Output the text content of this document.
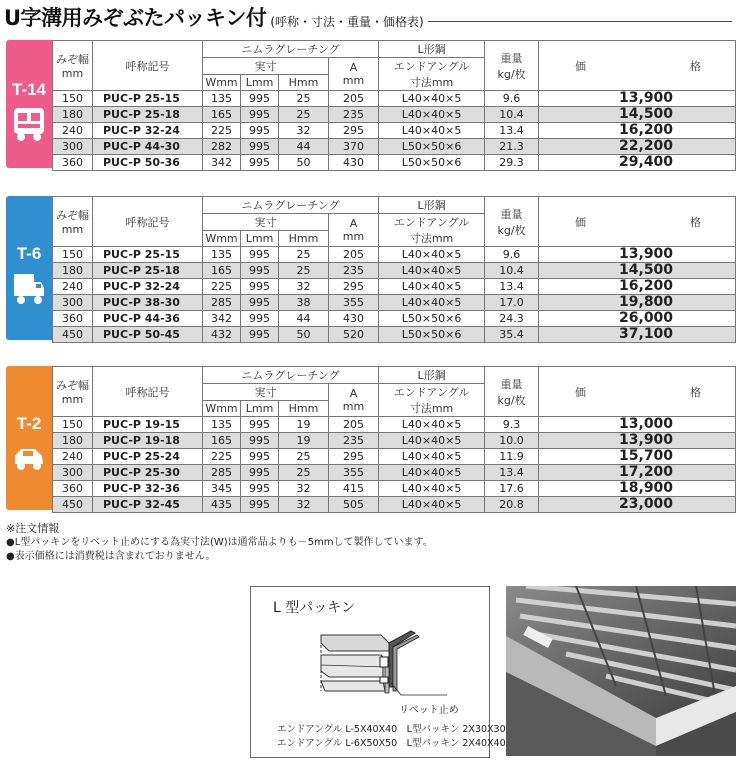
U字溝用みぞぶたパッキン付 (呼称・寸法・重量・価格表)
T-14
みぞ幅
mm	呼称記号	ニムラグレーチング				L形鋼	重量
kg/枚	価 格

		実寸			A
mm	エンドアングル
寸法mm		
		Wmm	Lmm	Hmm				
150	PUC-P 25-15	135	995	25	205	L40×40×5	9.6	13,900
180	PUC-P 25-18	165	995	25	235	L40×40×5	10.4	14,500
240	PUC-P 32-24	225	995	32	295	L40×40×5	13.4	16,200
300	PUC-P 44-30	282	995	44	370	L50×50×6	21.3	22,200
360	PUC-P 50-36	342	995	50	430	L50×50×6	29.3	29,400
T-6
みぞ幅
mm	呼称記号	ニムラグレーチング				L形鋼	重量
kg/枚	価 格

		実寸			A
mm	エンドアングル
寸法mm		
		Wmm	Lmm	Hmm				
150	PUC-P 25-15	135	995	25	205	L40×40×5	9.6	13,900
180	PUC-P 25-18	165	995	25	235	L40×40×5	10.4	14,500
240	PUC-P 32-24	225	995	32	295	L40×40×5	13.4	16,200
300	PUC-P 38-30	285	995	38	355	L40×40×5	17.0	19,800
360	PUC-P 44-36	342	995	44	430	L50×50×6	24.3	26,000
450	PUC-P 50-45	432	995	50	520	L50×50×6	35.4	37,100
T-2
みぞ幅
mm	呼称記号	ニムラグレーチング				L形鋼	重量
kg/枚	価 格

		実寸			A
mm	エンドアングル
寸法mm		
		Wmm	Lmm	Hmm				
150	PUC-P 19-15	135	995	19	205	L40×40×5	9.3	13,000
180	PUC-P 19-18	165	995	19	235	L40×40×5	10.0	13,900
240	PUC-P 25-24	225	995	25	295	L40×40×5	11.9	15,700
300	PUC-P 25-30	285	995	25	355	L40×40×5	13.4	17,200
360	PUC-P 32-36	345	995	32	415	L40×40×5	17.6	18,900
450	PUC-P 32-45	435	995	32	505	L40×40×5	20.8	23,000
※注文情報
●L型パッキンをリベット止めにする為実寸法(W)は通常品よりも－5mmして製作しています。
●表示価格には消費税は含まれておりません。
L 型パッキン
リベット止め
エンドアングル L-5X40X40　L型パッキン 2X30X30
エンドアングル L-6X50X50　L型パッキン 2X40X40
